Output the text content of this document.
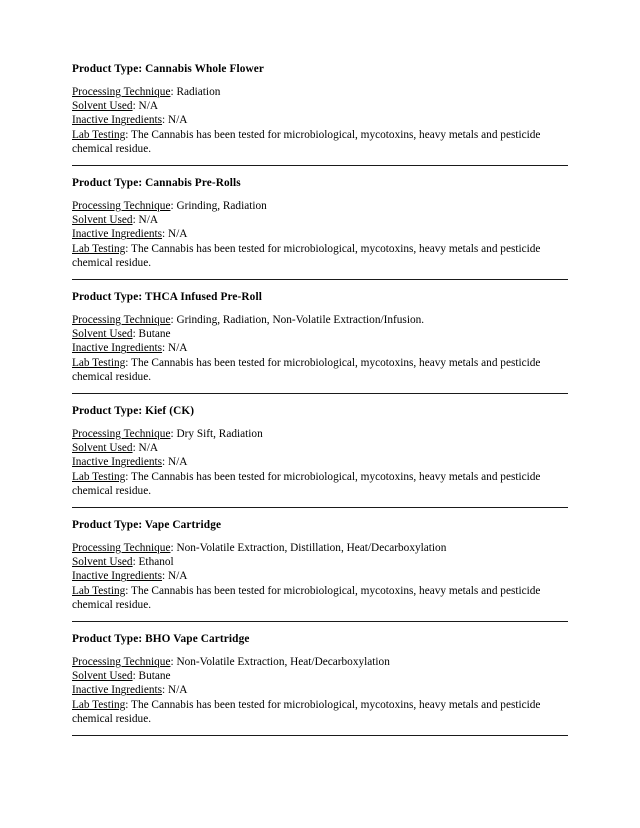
Product Type: Cannabis Whole Flower

Processing Technique: Radiation
Solvent Used: N/A
Inactive Ingredients: N/A
Lab Testing: The Cannabis has been tested for microbiological, mycotoxins, heavy metals and pesticide chemical residue.

Product Type: Cannabis Pre-Rolls

Processing Technique: Grinding, Radiation
Solvent Used: N/A
Inactive Ingredients: N/A
Lab Testing: The Cannabis has been tested for microbiological, mycotoxins, heavy metals and pesticide chemical residue.

Product Type: THCA Infused Pre-Roll

Processing Technique: Grinding, Radiation, Non-Volatile Extraction/Infusion.
Solvent Used: Butane
Inactive Ingredients: N/A
Lab Testing: The Cannabis has been tested for microbiological, mycotoxins, heavy metals and pesticide chemical residue.

Product Type: Kief (CK)

Processing Technique: Dry Sift, Radiation
Solvent Used: N/A
Inactive Ingredients: N/A
Lab Testing: The Cannabis has been tested for microbiological, mycotoxins, heavy metals and pesticide chemical residue.

Product Type: Vape Cartridge

Processing Technique: Non-Volatile Extraction, Distillation, Heat/Decarboxylation
Solvent Used: Ethanol
Inactive Ingredients: N/A
Lab Testing: The Cannabis has been tested for microbiological, mycotoxins, heavy metals and pesticide chemical residue.

Product Type: BHO Vape Cartridge

Processing Technique: Non-Volatile Extraction, Heat/Decarboxylation
Solvent Used: Butane
Inactive Ingredients: N/A
Lab Testing: The Cannabis has been tested for microbiological, mycotoxins, heavy metals and pesticide chemical residue.
